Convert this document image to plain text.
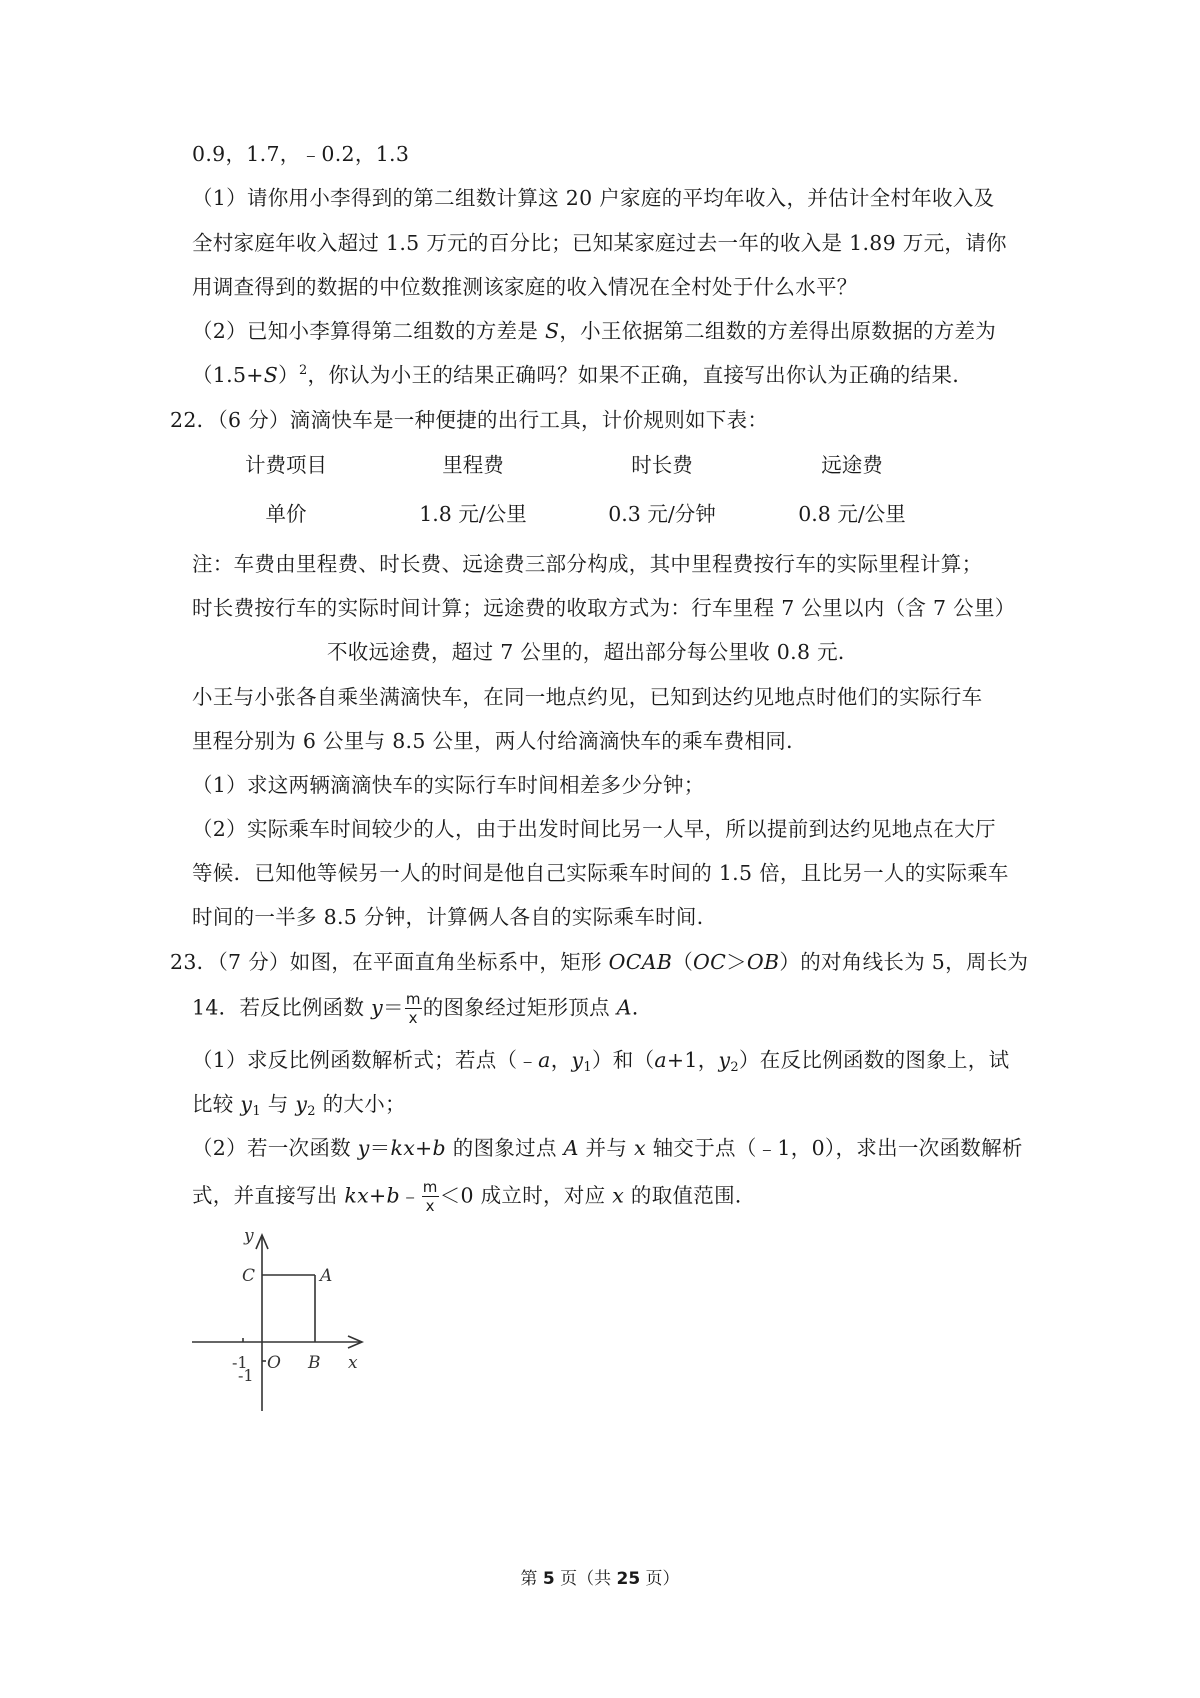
0.9，1.7，﹣0.2，1.3
（1）请你用小李得到的第二组数计算这 20 户家庭的平均年收入，并估计全村年收入及
全村家庭年收入超过 1.5 万元的百分比；已知某家庭过去一年的收入是 1.89 万元，请你
用调查得到的数据的中位数推测该家庭的收入情况在全村处于什么水平？
（2）已知小李算得第二组数的方差是 S，小王依据第二组数的方差得出原数据的方差为
$(1.5+S)^2$，你认为小王的结果正确吗？如果不正确，直接写出你认为正确的结果．
22．（6 分）滴滴快车是一种便捷的出行工具，计价规则如下表：
计费项目	里程费	时长费	远途费
单价	1.8 元/公里	0.3 元/分钟	0.8 元/公里
注：车费由里程费、时长费、远途费三部分构成，其中里程费按行车的实际里程计算；
时长费按行车的实际时间计算；远途费的收取方式为：行车里程 7 公里以内（含 7 公里）
不收远途费，超过 7 公里的，超出部分每公里收 0.8 元．
小王与小张各自乘坐满滴快车，在同一地点约见，已知到达约见地点时他们的实际行车
里程分别为 6 公里与 8.5 公里，两人付给滴滴快车的乘车费相同．
（1）求这两辆滴滴快车的实际行车时间相差多少分钟；
（2）实际乘车时间较少的人，由于出发时间比另一人早，所以提前到达约见地点在大厅
等候．已知他等候另一人的时间是他自己实际乘车时间的 1.5 倍，且比另一人的实际乘车
时间的一半多 8.5 分钟，计算俩人各自的实际乘车时间．
23．（7 分）如图，在平面直角坐标系中，矩形 OCAB（OC＞OB）的对角线长为 5，周长为
14．若反比例函数 $y= \frac{m}{x}$ 的图象经过矩形顶点 A．
（1）求反比例函数解析式；若点（﹣a，$y_1$）和（a+1，$y_2$）在反比例函数的图象上，试
比较 $y_1$ 与 $y_2$ 的大小；
（2）若一次函数 y＝kx+b 的图象过点 A 并与 x 轴交于点（﹣1，0），求出一次函数解析
式，并直接写出 kx+b﹣ $\frac{m}{x} <0$ 成立时，对应 x 的取值范围．
y
C	A
-1
-1
O B x
第 5 页（共 25 页）
